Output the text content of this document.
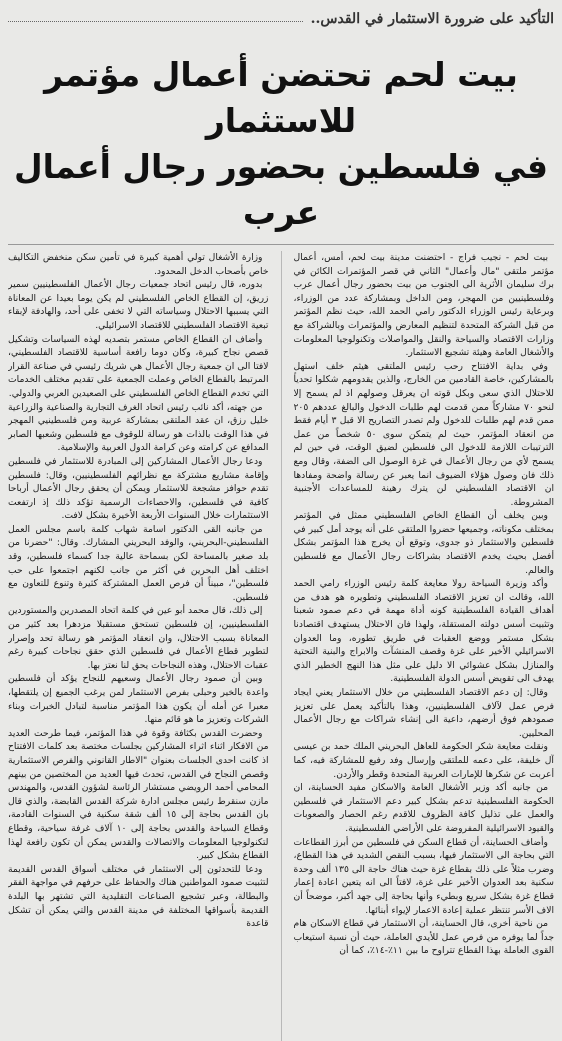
التأكيد على ضرورة الاستثمار في القدس..
بيت لحم تحتضن أعمال مؤتمر للاستثمار
في فلسطين بحضور رجال أعمال عرب

بيت لحم - نجيب فراج - احتضنت مدينة بيت لحم، أمس، أعمال مؤتمر ملتقى "مال وأعمال" الثاني في قصر المؤتمرات الكائن في برك سليمان الأثرية الى الجنوب من بيت بحضور رجال أعمال عرب وفلسطينيين من المهجر، ومن الداخل وبمشاركة عدد من الوزراء، وبرعاية رئيس الوزراء الدكتور رامي الحمد الله، حيث نظم المؤتمر من قبل الشركة المتحدة لتنظيم المعارض والمؤتمرات وبالشراكة مع وزارات الاقتصاد والسياحة والنقل والمواصلات وتكنولوجيا المعلومات والأشغال العامة وهيئة تشجيع الاستثمار.

وفي بداية الافتتاح رحب رئيس الملتقى هيثم خلف استهل بالمشاركين، خاصة القادمين من الخارج، والذين يقدومهم شكلوا تحدياً للاحتلال الذي سعى وبكل قوته ان يعرقل وصولهم اذ لم يسمح إلا لنحو ٧٠ مشاركاً ممن قدمت لهم طلبات الدخول والبالغ عددهم ٢٠٥ ممن قدم لهم طلبات للدخول ولم تصدر التصاريح الا قبل ٣ أيام فقط من انعقاد المؤتمر، حيث لم يتمكن سوى ٥٠ شخصاً من عمل الترتيبات اللازمة للدخول الى فلسطين لضيق الوقت، في حين لم يسمح لأي من رجال الأعمال في غزة الوصول الى الضفة، وقال ومع ذلك فان وصول هؤلاء الضيوف انما يعبر عن رسالة واضحة ومفادها ان الاقتصاد الفلسطيني لن يترك رهينة للمساعدات الأجنبية المشروطة.

وبين يخلف أن القطاع الخاص الفلسطيني ممثل في المؤتمر بمختلف مكوناته، وجميعها حضروا الملتقى على أنه يوجد أمل كبير في فلسطين والاستثمار ذو جدوى، وتوقع أن يخرج هذا المؤتمر بشكل أفضل بحيث يخدم الاقتصاد بشراكات رجال الأعمال مع فلسطين والعالم.

وأكد وزيرة السياحة رولا معايعة كلمة رئيس الوزراء رامي الحمد الله، وقالت ان تعزيز الاقتصاد الفلسطيني وتطويره هو هدف من أهداف القيادة الفلسطينية كونه أداة مهمة في دعم صمود شعبنا وتثبيت أسس دولته المستقلة، ولهذا فان الاحتلال يستهدف اقتصادنا بشكل مستمر ووضع العقبات في طريق تطوره، وما العدوان الاسرائيلي الأخير على غزة وقصف المنشآت والابراج والبنية التحتية والمنازل بشكل عشوائي الا دليل على مثل هذا النهج الخطير الذي يهدف الى تقويض أسس الدولة الفلسطينية.

وقال: إن دعم الاقتصاد الفلسطيني من خلال الاستثمار يعني ايجاد فرص عمل لآلاف الفلسطينيين، وهذا بالتأكيد يعمل على تعزيز صمودهم فوق أرضهم، داعية الى إنشاء شراكات مع رجال الأعمال المحليين.

ونقلت معايعة شكر الحكومة للعاهل البحريني الملك حمد بن عيسى آل خليفة، على دعمه للملتقى وإرسال وفد رفيع للمشاركة فيه، كما أعربت عن شكرها للإمارات العربية المتحدة وقطر والأردن.

من جانبه أكد وزير الأشغال العامة والاسكان مفيد الحساينة، ان الحكومة الفلسطينية تدعم بشكل كبير دعم الاستثمار في فلسطين والعمل على تذليل كافة الظروف للاقدم رغم الحصار والصعوبات والقيود الاسرائيلية المفروضة على الأراضي الفلسطينية.

وأضاف الحساينة، أن قطاع السكن في فلسطين من أبرز القطاعات التي بحاجة الى الاستثمار فيها، بسبب النقص الشديد في هذا القطاع، وضرب مثلاً على ذلك بقطاع غزة حيث هناك حاجة الى ١٣٥ ألف وحدة سكنية بعد العدوان الأخير على غزة، لافتاً الى انه يتعين اعادة إعمار قطاع غزة بشكل سريع وبطيء وأنها بحاجة إلى جهد أكبر، موضحاً أن الاف الأسر تنتظر عملية إعادة الاعمار لإيواء أبنائها.

من ناحية أخرى، قال الحساينة، أن الاستثمار في قطاع الاسكان هام جداً لما يوفره من فرص عمل للأيدي العاملة، حيث أن نسبة استيعاب القوى العاملة بهذا القطاع تتراوح ما بين ١١٪-١٤٪، كما أن

وزارة الأشغال تولي أهمية كبيرة في تأمين سكن منخفض التكاليف خاص بأصحاب الدخل المحدود.

بدوره، قال رئيس اتحاد جمعيات رجال الأعمال الفلسطينيين سمير زريق، إن القطاع الخاص الفلسطيني لم يكن يوما بعيدا عن المعاناة التي يسببها الاحتلال وسياساته التي لا تخفى على أحد، والهادفة لإبقاء تبعية الاقتصاد الفلسطيني للاقتصاد الاسرائيلي.

وأضاف ان القطاع الخاص مستمر بتصديه لهذه السياسات وتشكيل قصص نجاح كبيرة، وكان دوما رافعة أساسية للاقتصاد الفلسطيني، لافتا الى ان جمعية رجال الأعمال هي شريك رئيسي في صناعة القرار المرتبط بالقطاع الخاص وعملت الجمعية على تقديم مختلف الخدمات التي تخدم القطاع الخاص الفلسطيني على الصعيدين العربي والدولي.

من جهته، أكد نائب رئيس اتحاد الغرف التجارية والصناعية والزراعية خليل رزق، ان عقد الملتقى بمشاركة عربية ومن فلسطينيي المهجر في هذا الوقت بالذات هو رسالة للوقوف مع فلسطين وشعبها الصابر المدافع عن كرامته وعن كرامة الدول العربية والإسلامية.

ودعا رجال الأعمال المشاركين إلى المبادرة للاستثمار في فلسطين وإقامة مشاريع مشتركة مع نظرائهم الفلسطينيين، وقال: فلسطين تقدم حوافز مشجعة للاستثمار ويمكن أن يحقق رجال الأعمال أرباحا كافية في فلسطين، والاحصاءات الرسمية تؤكد ذلك إذ ارتفعت الاستثمارات خلال السنوات الأربعة الأخيرة بشكل لافت.

من جانبه القى الدكتور اسامة شهاب كلمة باسم مجلس العمل الفلسطيني-البحريني، والوفد البحريني المشارك. وقال: "حضرنا من بلد صغير بالمساحة لكن بسماحة عالية جدا كسماء فلسطين، وقد اختلف أهل البحرين في أكثر من جانب لكنهم اجتمعوا على حب فلسطين"، مبيناً أن فرص العمل المشتركة كثيرة وتنوع للتعاون مع فلسطين.

إلى ذلك، قال محمد أبو عين في كلمة اتحاد المصدرين والمستوردين الفلسطينيين، إن فلسطين تستحق مستقبلا مزدهرا بعد كثير من المعاناة بسبب الاحتلال، وان انعقاد المؤتمر هو رسالة تحد وإصرار لتطوير قطاع الأعمال في فلسطين الذي حقق نجاحات كبيرة رغم عقبات الاحتلال، وهذه النجاحات يحق لنا نعتز بها.

وبين أن صمود رجال الأعمال وسعيهم للنجاح يؤكد أن فلسطين واعدة بالخير وحبلى بفرص الاستثمار لمن يرغب الجميع إن يلتقطها، معبرا عن أمله أن يكون هذا المؤتمر مناسبة لتبادل الخبرات وبناء الشركات وتعزيز ما هو قائم منها.

وحضرت القدس بكثافة وقوة في هذا المؤتمر، فيما طرحت العديد من الافكار اثناء اثراء المشاركين بجلسات مختصة بعد كلمات الافتتاح اذ كانت احدى الجلسات بعنوان "الاطار القانوني والفرص الاستثمارية وقصص النجاح في القدس، تحدث فيها العديد من المختصين من بينهم المحامي أحمد الرويضي مستشار الرئاسة لشؤون القدس، والمهندس مازن سنقرط رئيس مجلس ادارة شركة القدس القابضة، والذي قال بان القدس بحاجة إلى ١٥ ألف شقة سكنية في السنوات القادمة، وقطاع السياحة والقدس بحاجة إلى ١٠ آلاف غرفة سياحية، وقطاع لتكنولوجيا المعلومات والاتصالات والقدس يمكن أن تكون رافعة لهذا القطاع بشكل كبير.

ودعا للتحدثون إلى الاستثمار في مختلف أسواق القدس القديمة لتثبيت صمود المواطنين هناك والحفاظ على حرفهم في مواجهة الفقر والبطالة، وعبر تشجيع الصناعات التقليدية التي تشتهر بها البلدة القديمة بأسواقها المختلفة في مدينة القدس والتي يمكن أن تشكل قاعدة
